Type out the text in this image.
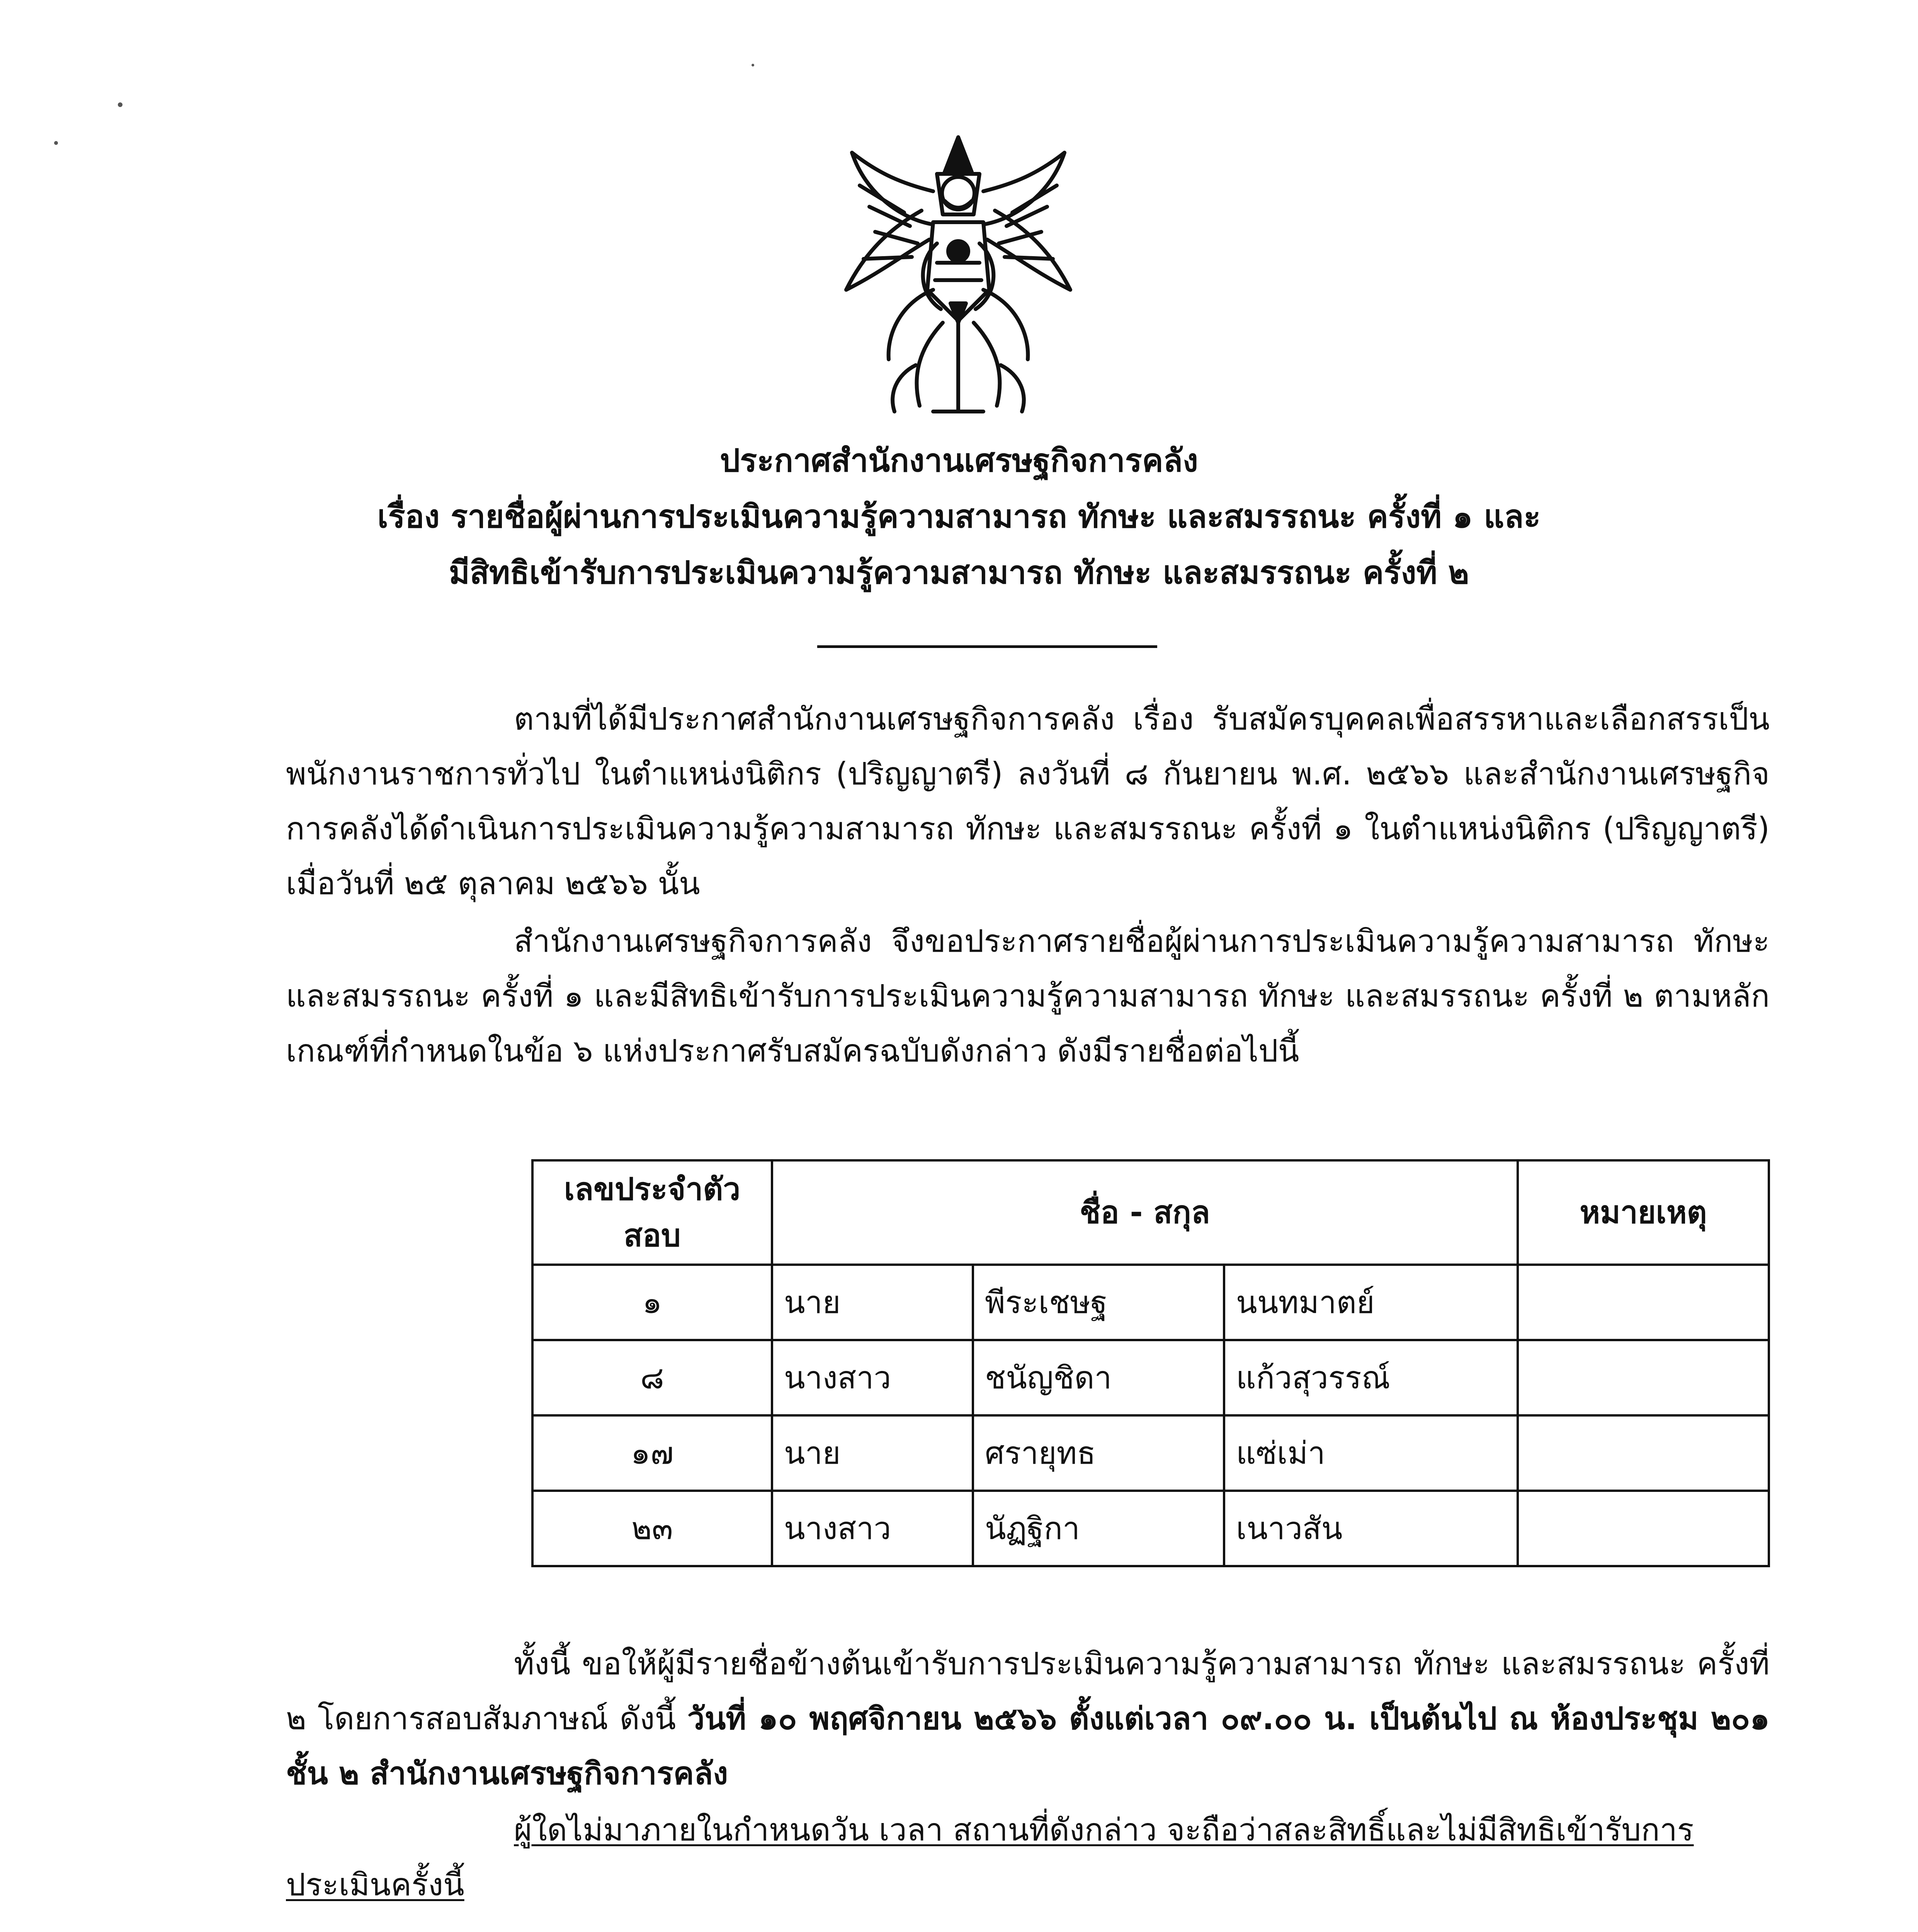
ประกาศสำนักงานเศรษฐกิจการคลัง
เรื่อง รายชื่อผู้ผ่านการประเมินความรู้ความสามารถ ทักษะ และสมรรถนะ ครั้งที่ ๑ และ
มีสิทธิเข้ารับการประเมินความรู้ความสามารถ ทักษะ และสมรรถนะ ครั้งที่ ๒

ตามที่ได้มีประกาศสำนักงานเศรษฐกิจการคลัง เรื่อง รับสมัครบุคคลเพื่อสรรหาและเลือกสรรเป็นพนักงานราชการทั่วไป ในตำแหน่งนิติกร (ปริญญาตรี) ลงวันที่ ๘ กันยายน พ.ศ. ๒๕๖๖ และสำนักงานเศรษฐกิจการคลังได้ดำเนินการประเมินความรู้ความสามารถ ทักษะ และสมรรถนะ ครั้งที่ ๑ ในตำแหน่งนิติกร (ปริญญาตรี) เมื่อวันที่ ๒๕ ตุลาคม ๒๕๖๖ นั้น

สำนักงานเศรษฐกิจการคลัง จึงขอประกาศรายชื่อผู้ผ่านการประเมินความรู้ความสามารถ ทักษะ และสมรรถนะ ครั้งที่ ๑ และมีสิทธิเข้ารับการประเมินความรู้ความสามารถ ทักษะ และสมรรถนะ ครั้งที่ ๒ ตามหลักเกณฑ์ที่กำหนดในข้อ ๖ แห่งประกาศรับสมัครฉบับดังกล่าว ดังมีรายชื่อต่อไปนี้

เลขประจำตัวสอบ	ชื่อ - สกุล			หมายเหตุ
๑	นาย	พีระเชษฐ	นนทมาตย์	
๘	นางสาว	ชนัญชิดา	แก้วสุวรรณ์	
๑๗	นาย	ศรายุทธ	แซ่เม่า	
๒๓	นางสาว	นัฏฐิกา	เนาวสัน	

ทั้งนี้ ขอให้ผู้มีรายชื่อข้างต้นเข้ารับการประเมินความรู้ความสามารถ ทักษะ และสมรรถนะ ครั้งที่ ๒ โดยการสอบสัมภาษณ์ ดังนี้ วันที่ ๑๐ พฤศจิกายน ๒๕๖๖ ตั้งแต่เวลา ๐๙.๐๐ น. เป็นต้นไป ณ ห้องประชุม ๒๐๑ ชั้น ๒ สำนักงานเศรษฐกิจการคลัง

ผู้ใดไม่มาภายในกำหนดวัน เวลา สถานที่ดังกล่าว จะถือว่าสละสิทธิ์และไม่มีสิทธิเข้ารับการประเมินครั้งนี้
